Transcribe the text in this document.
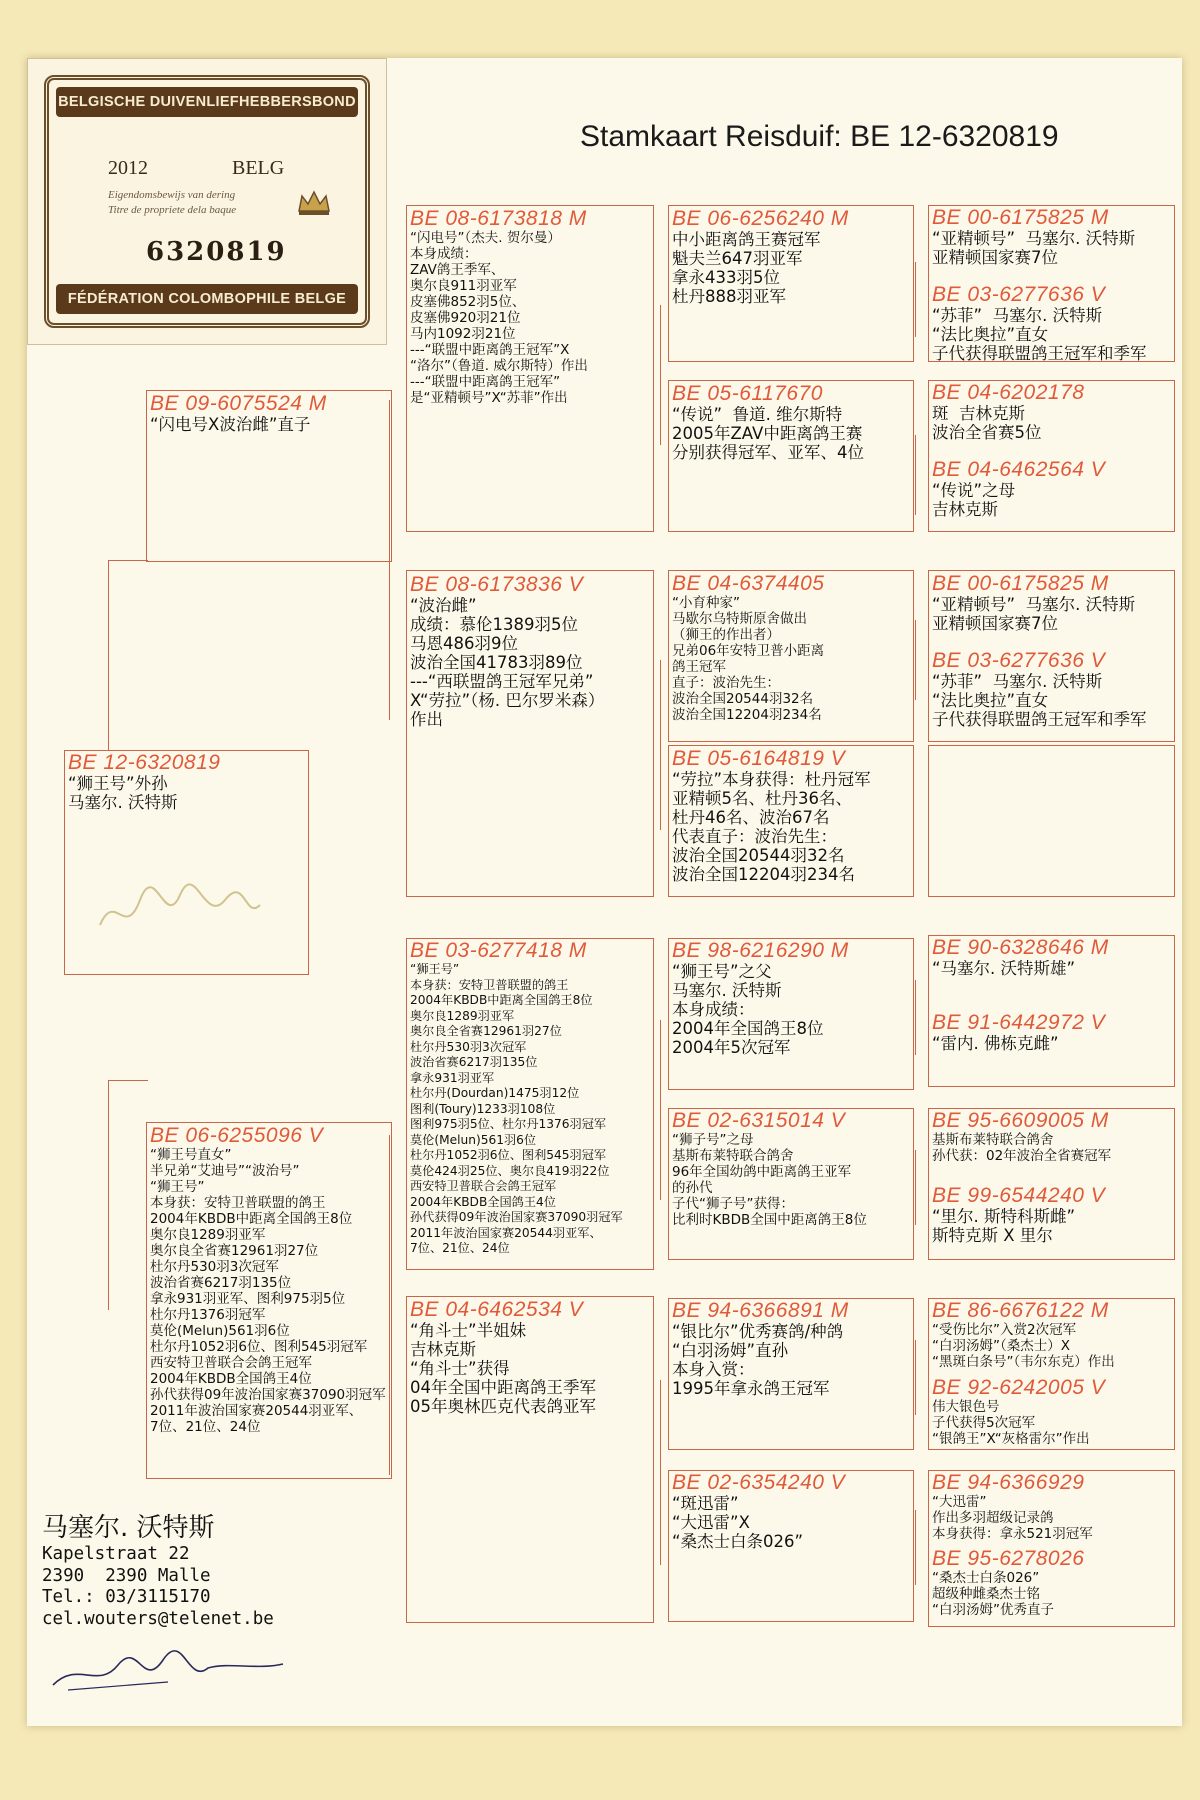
BELGISCHE DUIVENLIEFHEBBERSBOND
2012	BELG
Eigendomsbewijs van dering
Titre de propriete dela baque
6320819
FÉDÉRATION COLOMBOPHILE BELGE
Stamkaart Reisduif: BE 12-6320819
BE 12-6320819
“狮王号”外孙
马塞尔. 沃特斯
BE 09-6075524 M
“闪电号X波治雌”直子
BE 06-6255096 V
“狮王号直女”
半兄弟“艾迪号”“波治号”
“狮王号”
本身获：安特卫普联盟的鸽王
2004年KBDB中距离全国鸽王8位
奥尔良1289羽亚军
奥尔良全省赛12961羽27位
杜尔丹530羽3次冠军
波治省赛6217羽135位
拿永931羽亚军、图利975羽5位
杜尔丹1376羽冠军
莫伦(Melun)561羽6位
杜尔丹1052羽6位、图利545羽冠军
西安特卫普联合会鸽王冠军
2004年KBDB全国鸽王4位
孙代获得09年波治国家赛37090羽冠军
2011年波治国家赛20544羽亚军、
7位、21位、24位
BE 08-6173818 M
“闪电号”（杰夫. 贺尔曼）
本身成绩：
ZAV鸽王季军、
奥尔良911羽亚军
皮塞佛852羽5位、
皮塞佛920羽21位
马内1092羽21位
---“联盟中距离鸽王冠军”X
“洛尔”（鲁道. 威尔斯特）作出
---“联盟中距离鸽王冠军”
是“亚精顿号”X“苏菲”作出
BE 08-6173836 V
“波治雌”
成绩：慕伦1389羽5位
马恩486羽9位
波治全国41783羽89位
---“西联盟鸽王冠军兄弟”
X“劳拉”（杨. 巴尔罗米森）
作出
BE 03-6277418 M
“狮王号”
本身获：安特卫普联盟的鸽王
2004年KBDB中距离全国鸽王8位
奥尔良1289羽亚军
奥尔良全省赛12961羽27位
杜尔丹530羽3次冠军
波治省赛6217羽135位
拿永931羽亚军
杜尔丹(Dourdan)1475羽12位
图利(Toury)1233羽108位
图利975羽5位、杜尔丹1376羽冠军
莫伦(Melun)561羽6位
杜尔丹1052羽6位、图利545羽冠军
莫伦424羽25位、奥尔良419羽22位
西安特卫普联合会鸽王冠军
2004年KBDB全国鸽王4位
孙代获得09年波治国家赛37090羽冠军
2011年波治国家赛20544羽亚军、
7位、21位、24位
BE 04-6462534 V
“角斗士”半姐妹
吉林克斯
“角斗士”获得
04年全国中距离鸽王季军
05年奥林匹克代表鸽亚军
BE 06-6256240 M
中小距离鸽王赛冠军
魁夫兰647羽亚军
拿永433羽5位
杜丹888羽亚军
BE 05-6117670
“传说”  鲁道. 维尔斯特
2005年ZAV中距离鸽王赛
分别获得冠军、亚军、4位
BE 04-6374405
“小育种家”
马歇尔乌特斯原舍做出
（狮王的作出者）
兄弟06年安特卫普小距离
鸽王冠军
直子：波治先生：
波治全国20544羽32名
波治全国12204羽234名
BE 05-6164819 V
“劳拉”本身获得：杜丹冠军
亚精顿5名、杜丹36名、
杜丹46名、波治67名
代表直子：波治先生：
波治全国20544羽32名
波治全国12204羽234名
BE 98-6216290 M
“狮王号”之父
马塞尔. 沃特斯
本身成绩：
2004年全国鸽王8位
2004年5次冠军
BE 02-6315014 V
“狮子号”之母
基斯布莱特联合鸽舍
96年全国幼鸽中距离鸽王亚军
的孙代
子代“狮子号”获得：
比利时KBDB全国中距离鸽王8位
BE 94-6366891 M
“银比尔”优秀赛鸽/种鸽
“白羽汤姆”直孙
本身入赏：
1995年拿永鸽王冠军
BE 02-6354240 V
“斑迅雷”
“大迅雷”X
“桑杰士白条026”
BE 00-6175825 M
“亚精顿号”  马塞尔. 沃特斯
亚精顿国家赛7位
BE 03-6277636 V
“苏菲”  马塞尔. 沃特斯
“法比奥拉”直女
子代获得联盟鸽王冠军和季军
BE 04-6202178
斑  吉林克斯
波治全省赛5位
BE 04-6462564 V
“传说”之母
吉林克斯
BE 00-6175825 M
“亚精顿号”  马塞尔. 沃特斯
亚精顿国家赛7位
BE 03-6277636 V
“苏菲”  马塞尔. 沃特斯
“法比奥拉”直女
子代获得联盟鸽王冠军和季军
BE 90-6328646 M
“马塞尔. 沃特斯雄”
BE 91-6442972 V
“雷内. 佛栋克雌”
BE 95-6609005 M
基斯布莱特联合鸽舍
孙代获：02年波治全省赛冠军
BE 99-6544240 V
“里尔. 斯特科斯雌”
斯特克斯 X 里尔
BE 86-6676122 M
“受伤比尔”入赏2次冠军
“白羽汤姆”（桑杰士）X
“黑斑白条号”（韦尔东克）作出
BE 92-6242005 V
伟大银色号
子代获得5次冠军
“银鸽王”X“灰格雷尔”作出
BE 94-6366929
“大迅雷”
作出多羽超级记录鸽
本身获得：拿永521羽冠军
BE 95-6278026
“桑杰士白条026”
超级种雌桑杰士铭
“白羽汤姆”优秀直子
马塞尔. 沃特斯
Kapelstraat 22
2390  2390 Malle
Tel.: 03/3115170
cel.wouters@telenet.be
